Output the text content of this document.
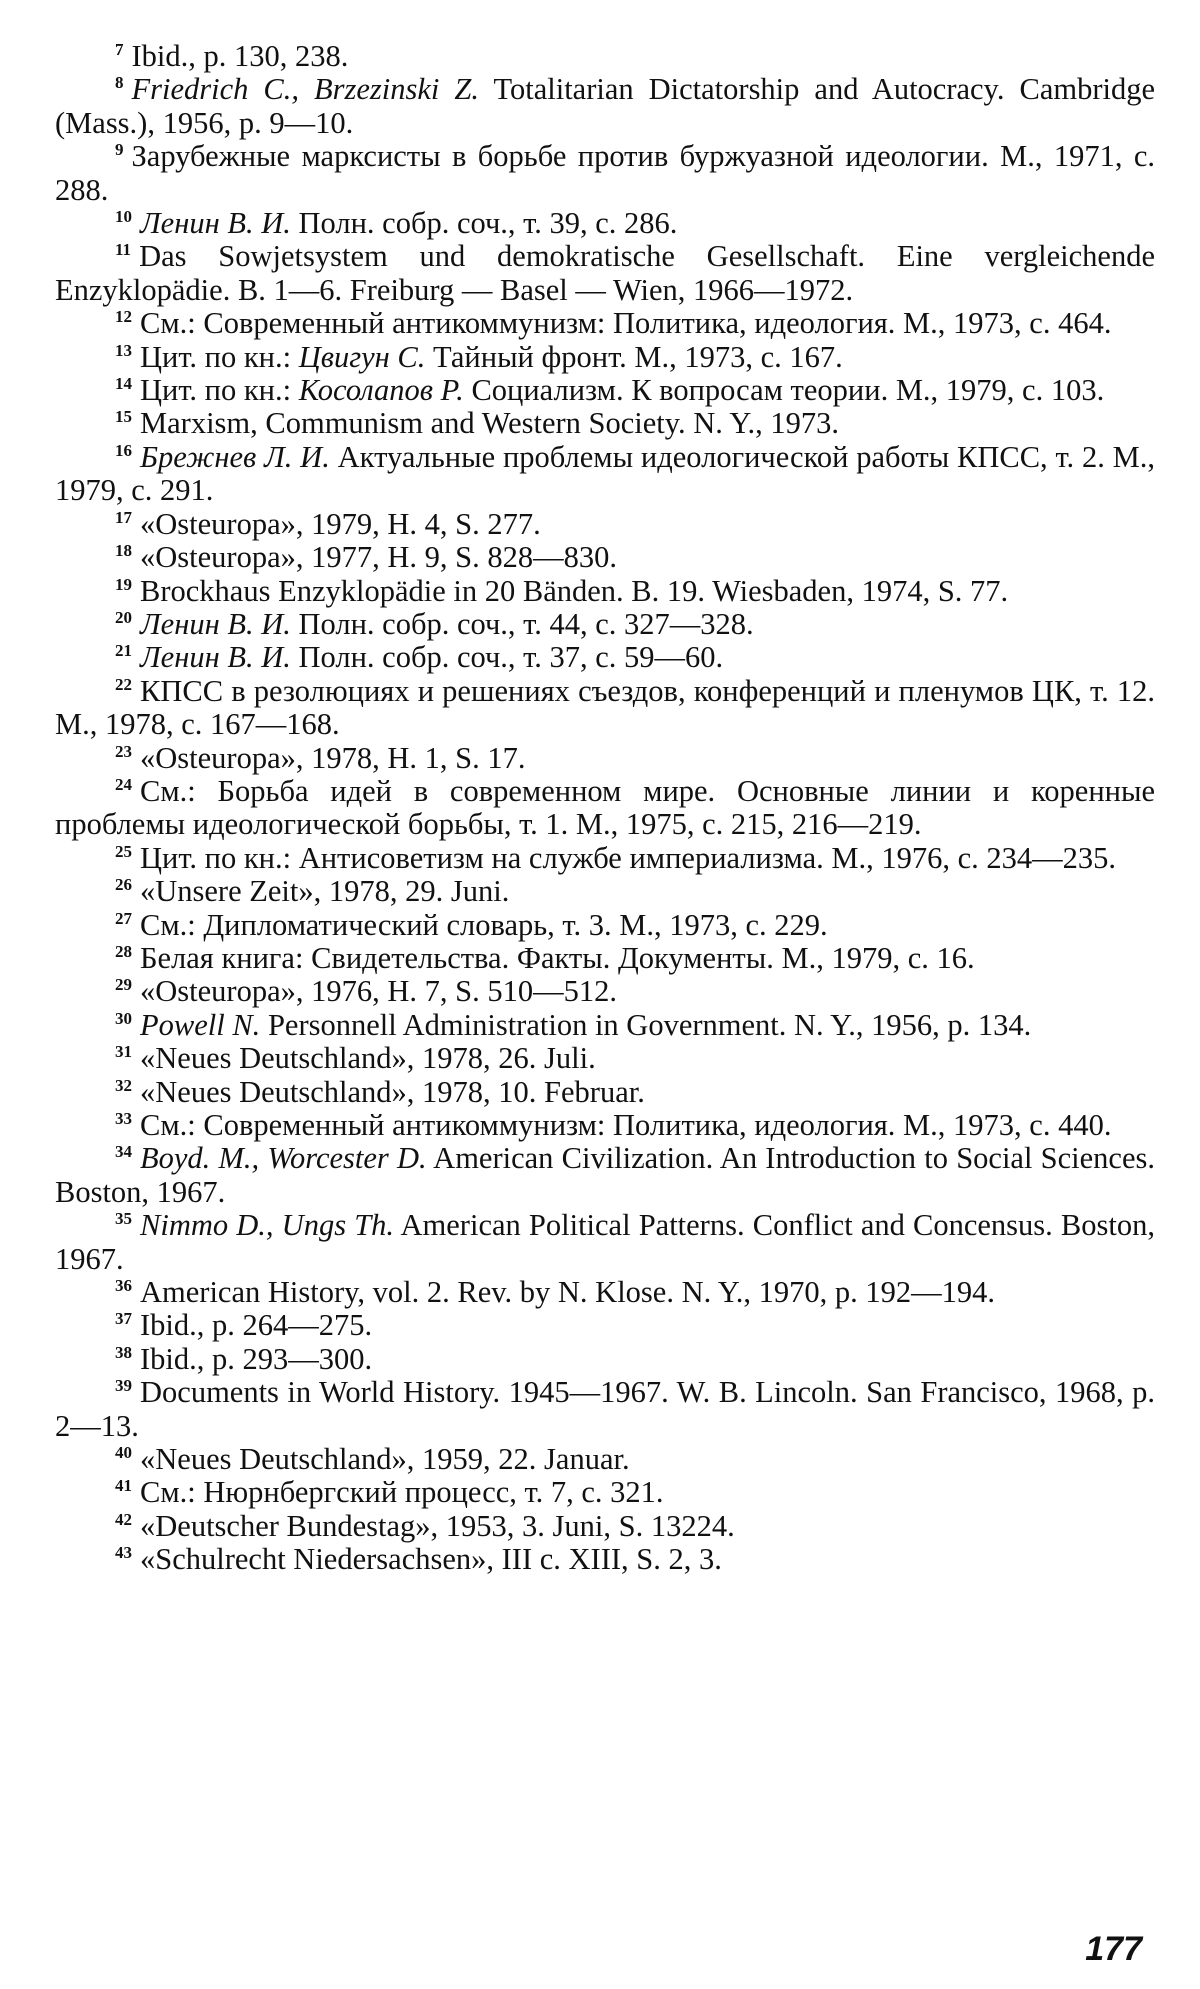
$^7$ Ibid., p. 130, 238.
$^8$ Friedrich C., Brzezinski Z. Totalitarian Dictatorship and Autocracy. Cambridge (Mass.), 1956, p. 9—10.
$^9$ Зарубежные марксисты в борьбе против буржуазной идеологии. М., 1971, с. 288.
$^{10}$ Ленин В. И. Полн. собр. соч., т. 39, с. 286.
$^{11}$ Das Sowjetsystem und demokratische Gesellschaft. Eine vergleichende Enzyklopädie. B. 1—6. Freiburg — Basel — Wien, 1966—1972.
$^{12}$ См.: Современный антикоммунизм: Политика, идеология. М., 1973, с. 464.
$^{13}$ Цит. по кн.: Цвигун С. Тайный фронт. М., 1973, с. 167.
$^{14}$ Цит. по кн.: Косолапов Р. Социализм. К вопросам теории. М., 1979, с. 103.
$^{15}$ Marxism, Communism and Western Society. N. Y., 1973.
$^{16}$ Брежнев Л. И. Актуальные проблемы идеологической работы КПСС, т. 2. М., 1979, с. 291.
$^{17}$ «Osteuropa», 1979, H. 4, S. 277.
$^{18}$ «Osteuropa», 1977, H. 9, S. 828—830.
$^{19}$ Brockhaus Enzyklopädie in 20 Bänden. B. 19. Wiesbaden, 1974, S. 77.
$^{20}$ Ленин В. И. Полн. собр. соч., т. 44, с. 327—328.
$^{21}$ Ленин В. И. Полн. собр. соч., т. 37, с. 59—60.
$^{22}$ КПСС в резолюциях и решениях съездов, конференций и пленумов ЦК, т. 12. М., 1978, с. 167—168.
$^{23}$ «Osteuropa», 1978, H. 1, S. 17.
$^{24}$ См.: Борьба идей в современном мире. Основные линии и коренные проблемы идеологической борьбы, т. 1. М., 1975, с. 215, 216—219.
$^{25}$ Цит. по кн.: Антисоветизм на службе империализма. М., 1976, с. 234—235.
$^{26}$ «Unsere Zeit», 1978, 29. Juni.
$^{27}$ См.: Дипломатический словарь, т. 3. М., 1973, с. 229.
$^{28}$ Белая книга: Свидетельства. Факты. Документы. М., 1979, с. 16.
$^{29}$ «Osteuropa», 1976, H. 7, S. 510—512.
$^{30}$ Powell N. Personnell Administration in Government. N. Y., 1956, p. 134.
$^{31}$ «Neues Deutschland», 1978, 26. Juli.
$^{32}$ «Neues Deutschland», 1978, 10. Februar.
$^{33}$ См.: Современный антикоммунизм: Политика, идеология. М., 1973, с. 440.
$^{34}$ Boyd. M., Worcester D. American Civilization. An Introduction to Social Sciences. Boston, 1967.
$^{35}$ Nimmo D., Ungs Th. American Political Patterns. Conflict and Concensus. Boston, 1967.
$^{36}$ American History, vol. 2. Rev. by N. Klose. N. Y., 1970, p. 192—194.
$^{37}$ Ibid., p. 264—275.
$^{38}$ Ibid., p. 293—300.
$^{39}$ Documents in World History. 1945—1967. W. B. Lincoln. San Francisco, 1968, p. 2—13.
$^{40}$ «Neues Deutschland», 1959, 22. Januar.
$^{41}$ См.: Нюрнбергский процесс, т. 7, с. 321.
$^{42}$ «Deutscher Bundestag», 1953, 3. Juni, S. 13224.
$^{43}$ «Schulrecht Niedersachsen», III c. XIII, S. 2, 3.
177
